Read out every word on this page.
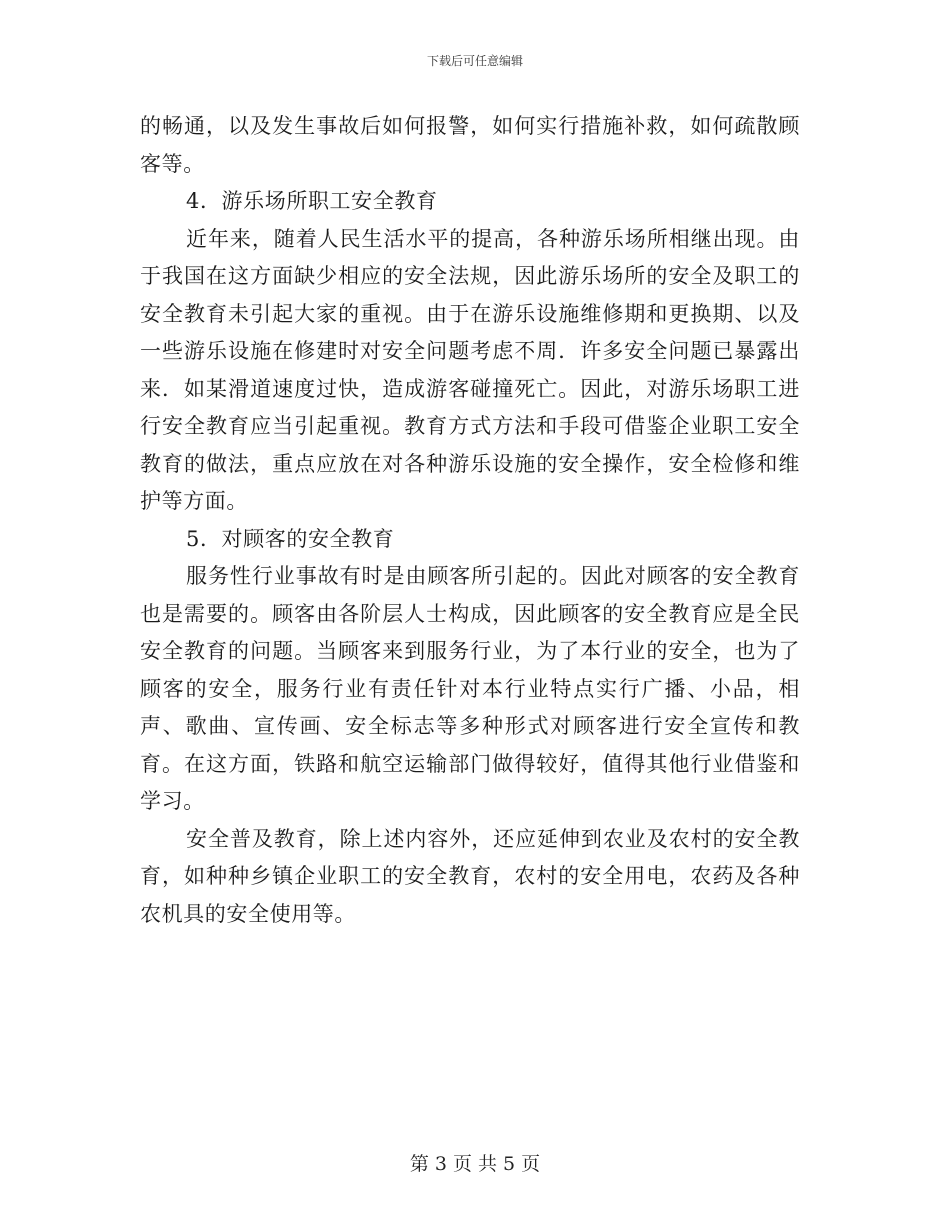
下载后可任意编辑

的畅通，以及发生事故后如何报警，如何实行措施补救，如何疏散顾客等。

4．游乐场所职工安全教育

近年来，随着人民生活水平的提高，各种游乐场所相继出现。由于我国在这方面缺少相应的安全法规，因此游乐场所的安全及职工的安全教育未引起大家的重视。由于在游乐设施维修期和更换期、以及一些游乐设施在修建时对安全问题考虑不周．许多安全问题已暴露出来．如某滑道速度过快，造成游客碰撞死亡。因此，对游乐场职工进行安全教育应当引起重视。教育方式方法和手段可借鉴企业职工安全教育的做法，重点应放在对各种游乐设施的安全操作，安全检修和维护等方面。

5．对顾客的安全教育

服务性行业事故有时是由顾客所引起的。因此对顾客的安全教育也是需要的。顾客由各阶层人士构成，因此顾客的安全教育应是全民安全教育的问题。当顾客来到服务行业，为了本行业的安全，也为了顾客的安全，服务行业有责任针对本行业特点实行广播、小品，相声、歌曲、宣传画、安全标志等多种形式对顾客进行安全宣传和教育。在这方面，铁路和航空运输部门做得较好，值得其他行业借鉴和学习。

安全普及教育，除上述内容外，还应延伸到农业及农村的安全教育，如种种乡镇企业职工的安全教育，农村的安全用电，农药及各种农机具的安全使用等。

第 3 页 共 5 页
